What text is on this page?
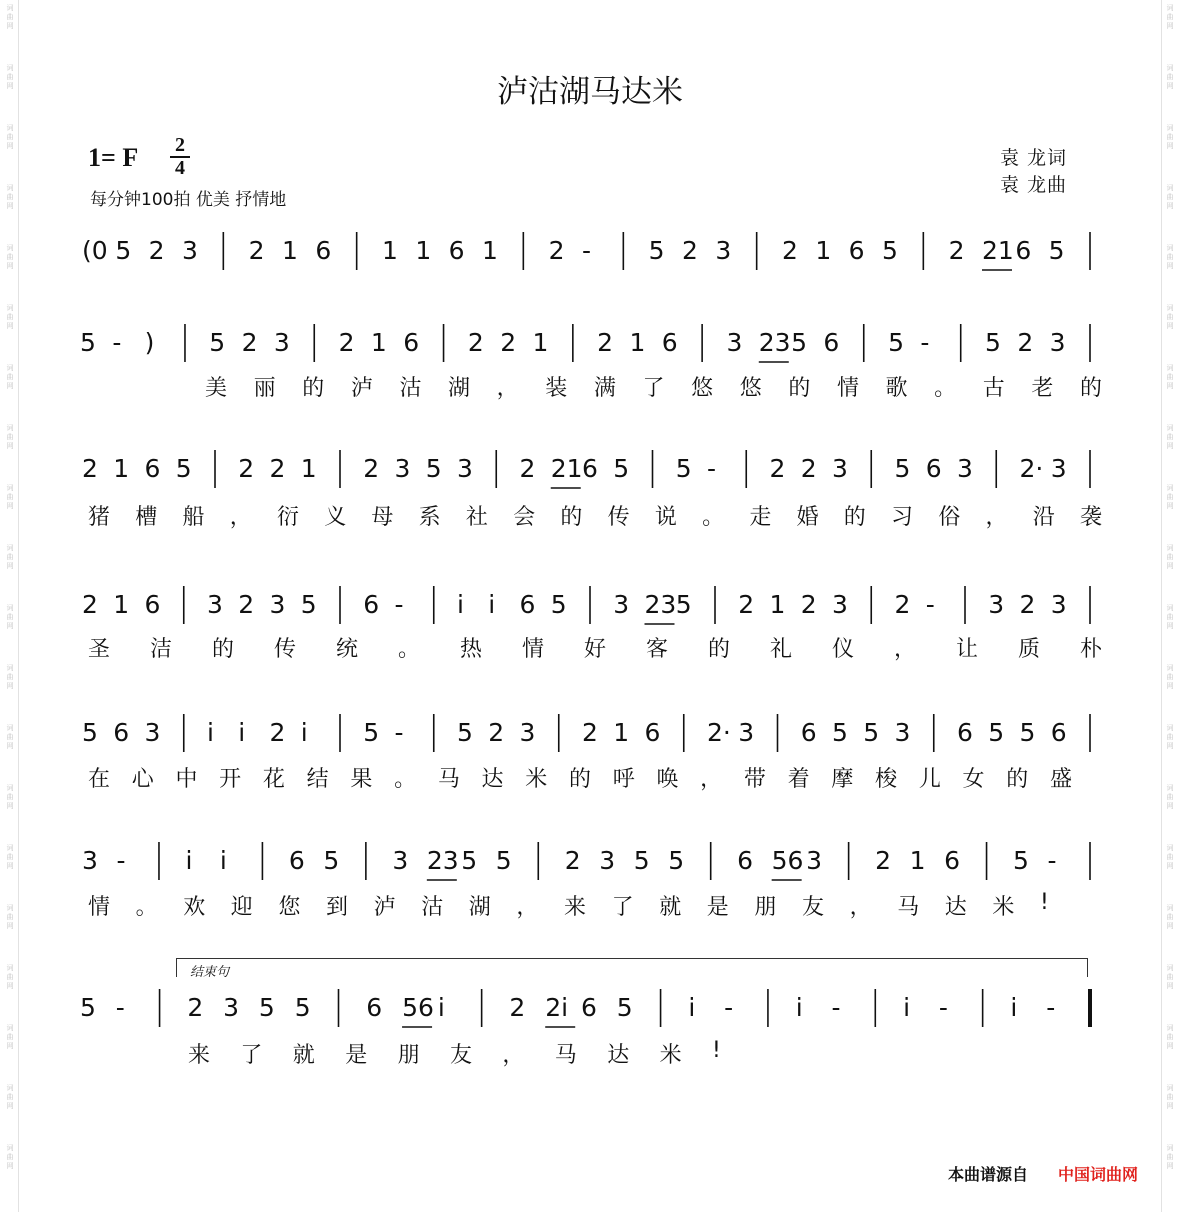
词
曲
网
词
曲
网
词
曲
网
词
曲
网
词
曲
网
词
曲
网
词
曲
网
词
曲
网
词
曲
网
词
曲
网
词
曲
网
词
曲
网
词
曲
网
词
曲
网
词
曲
网
词
曲
网
词
曲
网
词
曲
网
词
曲
网
词
曲
网
词
曲
网
词
曲
网
词
曲
网
词
曲
网
词
曲
网
词
曲
网
词
曲
网
词
曲
网
词
曲
网
词
曲
网
词
曲
网
词
曲
网
词
曲
网
词
曲
网
词
曲
网
词
曲
网
词
曲
网
词
曲
网
词
曲
网
词
曲
网
泸沽湖马达米
1= F 2
4
每分钟100拍 优美 抒情地
袁 龙词
袁 龙曲
(0 5 2 3 2 1 6 1 1 6 1 2 - 5 2 3 2 1 6 5 2 21 6 5
5 - ) 5 2 3 2 1 6 2 2 1 2 1 6 3 23 5 6 5 - 5 2 3
美 丽 的 泸 沽 湖 ， 装 满 了 悠 悠 的 情 歌 。 古 老 的
2 1 6 5 2 2 1 2 3 5 3 2 21 6 5 5 - 2 2 3 5 6 3 2· 3
猪 槽 船 ， 衍 义 母 系 社 会 的 传 说 。 走 婚 的 习 俗 ， 沿 袭
2 1 6 3 2 3 5 6 - i i 6 5 3 23 5 2 1 2 3 2 - 3 2 3
圣 洁 的 传 统 。 热 情 好 客 的 礼 仪 ， 让 质 朴
5 6 3 i i 2 i 5 - 5 2 3 2 1 6 2· 3 6 5 5 3 6 5 5 6
在 心 中 开 花 结 果 。 马 达 米 的 呼 唤 ， 带 着 摩 梭 儿 女 的 盛
3 - i i 6 5 3 23 5 5 2 3 5 5 6 56 3 2 1 6 5 -
情 。 欢 迎 您 到 泸 沽 湖 ， 来 了 就 是 朋 友 ， 马 达 米 !
5 -	2 3 5 5 6 56 i	2 2i 6 5 i -	i -	i -	i -
来 了 就 是 朋 友 ， 马 达 米 !
结束句
本曲谱源自 中国词曲网
